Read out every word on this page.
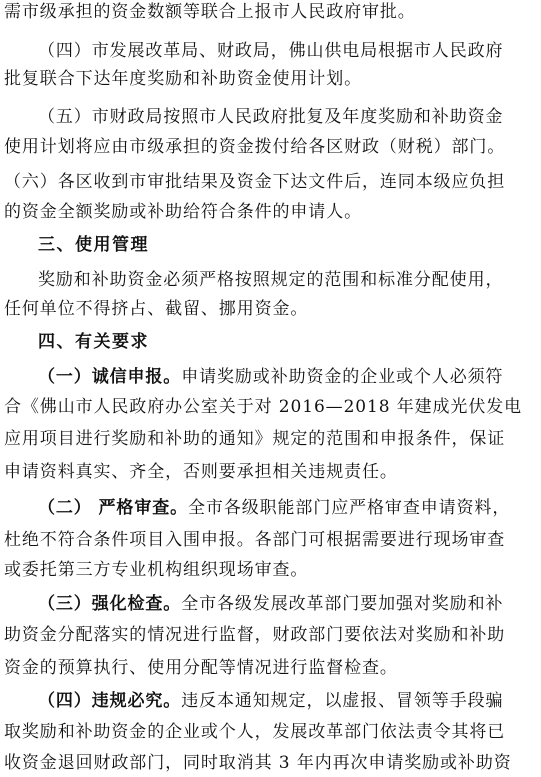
需市级承担的资金数额等联合上报市人民政府审批。
（四）市发展改革局、财政局，佛山供电局根据市人民政府
批复联合下达年度奖励和补助资金使用计划。
（五）市财政局按照市人民政府批复及年度奖励和补助资金
使用计划将应由市级承担的资金拨付给各区财政（财税）部门。
（六）各区收到市审批结果及资金下达文件后，连同本级应负担
的资金全额奖励或补助给符合条件的申请人。
三、使用管理
奖励和补助资金必须严格按照规定的范围和标准分配使用，
任何单位不得挤占、截留、挪用资金。
四、有关要求
（一）诚信申报。申请奖励或补助资金的企业或个人必须符
合《佛山市人民政府办公室关于对 2016—2018 年建成光伏发电
应用项目进行奖励和补助的通知》规定的范围和申报条件，保证
申请资料真实、齐全，否则要承担相关违规责任。
（二） 严格审查。全市各级职能部门应严格审查申请资料，
杜绝不符合条件项目入围申报。各部门可根据需要进行现场审查
或委托第三方专业机构组织现场审查。
（三）强化检查。全市各级发展改革部门要加强对奖励和补
助资金分配落实的情况进行监督，财政部门要依法对奖励和补助
资金的预算执行、使用分配等情况进行监督检查。
（四）违规必究。违反本通知规定，以虚报、冒领等手段骗
取奖励和补助资金的企业或个人，发展改革部门依法责令其将已
收资金退回财政部门，同时取消其 3 年内再次申请奖励或补助资
